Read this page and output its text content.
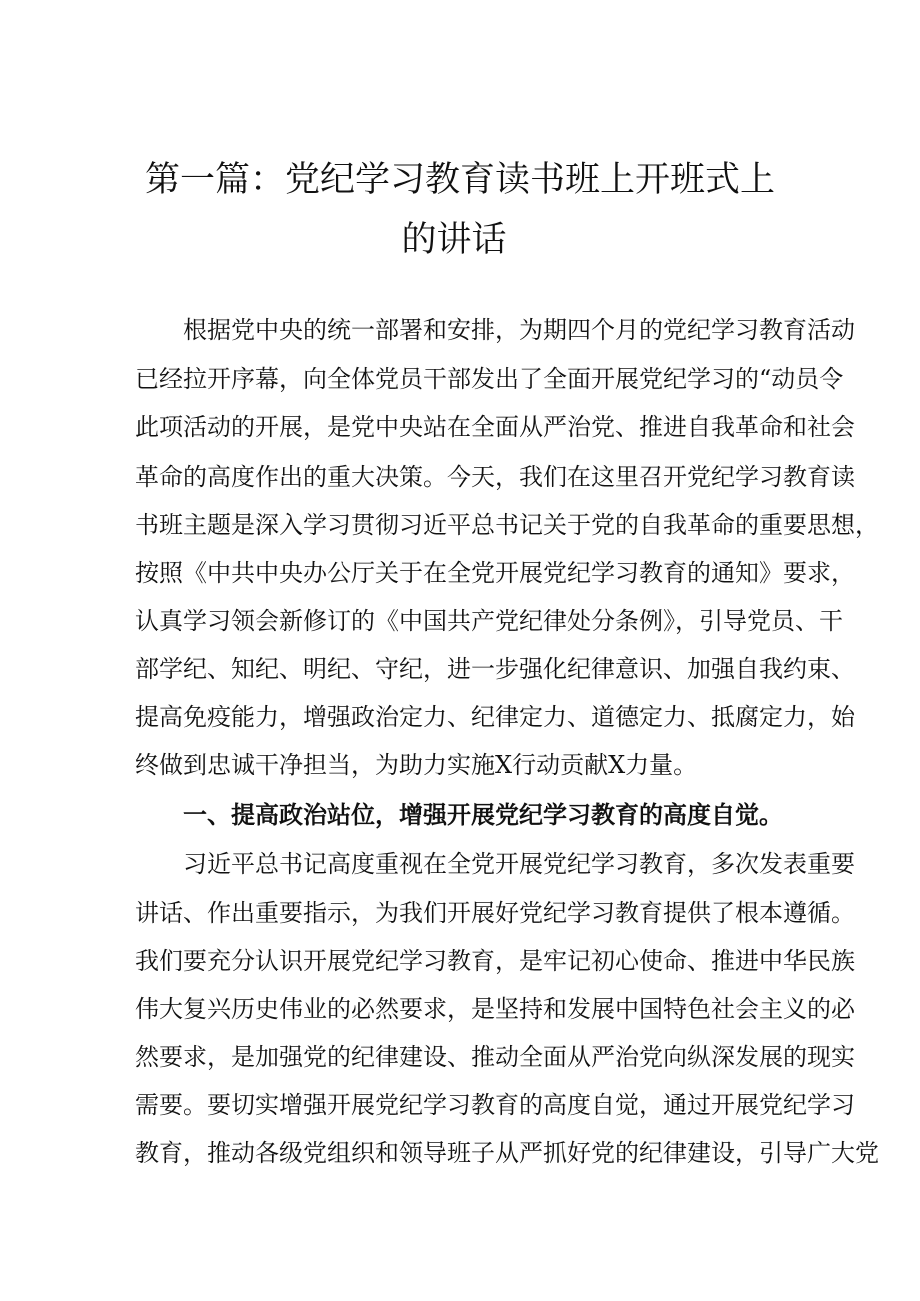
第一篇：党纪学习教育读书班上开班式上
的讲话
根据党中央的统一部署和安排，为期四个月的党纪学习教育活动
已经拉开序幕，向全体党员干部发出了全面开展党纪学习的“动员令
此项活动的开展，是党中央站在全面从严治党、推进自我革命和社会
革命的高度作出的重大决策。今天，我们在这里召开党纪学习教育读
书班主题是深入学习贯彻习近平总书记关于党的自我革命的重要思想，
按照《中共中央办公厅关于在全党开展党纪学习教育的通知》要求，
认真学习领会新修订的《中国共产党纪律处分条例》，引导党员、干
部学纪、知纪、明纪、守纪，进一步强化纪律意识、加强自我约束、
提高免疫能力，增强政治定力、纪律定力、道德定力、抵腐定力，始
终做到忠诚干净担当，为助力实施X行动贡献X力量。
一、提高政治站位，增强开展党纪学习教育的高度自觉。
习近平总书记高度重视在全党开展党纪学习教育，多次发表重要
讲话、作出重要指示，为我们开展好党纪学习教育提供了根本遵循。
我们要充分认识开展党纪学习教育，是牢记初心使命、推进中华民族
伟大复兴历史伟业的必然要求，是坚持和发展中国特色社会主义的必
然要求，是加强党的纪律建设、推动全面从严治党向纵深发展的现实
需要。要切实增强开展党纪学习教育的高度自觉，通过开展党纪学习
教育，推动各级党组织和领导班子从严抓好党的纪律建设，引导广大党
